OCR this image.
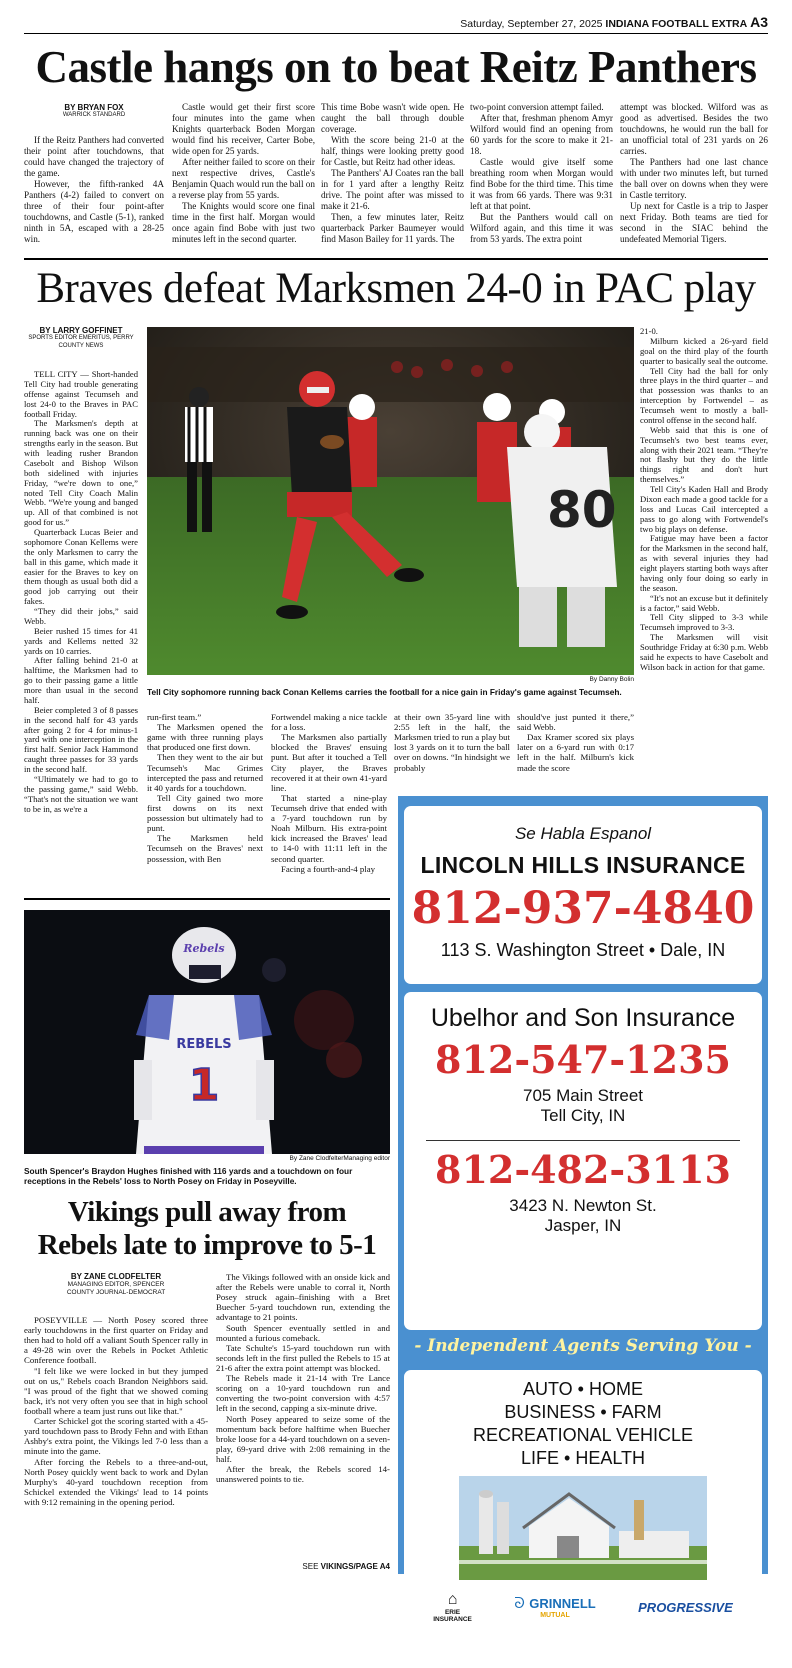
Saturday, September 27, 2025 INDIANA FOOTBALL EXTRA A3
Castle hangs on to beat Reitz Panthers
BY BRYAN FOX
WARRICK STANDARD

If the Reitz Panthers had converted their point after touchdowns, that could have changed the trajectory of the game.

However, the fifth-ranked 4A Panthers (4-2) failed to convert on three of their four point-after touchdowns, and Castle (5-1), ranked ninth in 5A, escaped with a 28-25 win.

Castle would get their first score four minutes into the game when Knights quarterback Boden Morgan would find his receiver, Carter Bobe, wide open for 25 yards.

After neither failed to score on their next respective drives, Castle's Benjamin Quach would run the ball on a reverse play from 55 yards.

The Knights would score one final time in the first half. Morgan would once again find Bobe with just two minutes left in the second quarter.

This time Bobe wasn't wide open. He caught the ball through double coverage.

With the score being 21-0 at the half, things were looking pretty good for Castle, but Reitz had other ideas.

The Panthers' AJ Coates ran the ball in for 1 yard after a lengthy Reitz drive. The point after was missed to make it 21-6.

Then, a few minutes later, Reitz quarterback Parker Baumeyer would find Mason Bailey for 11 yards. The

two-point conversion attempt failed.

After that, freshman phenom Amyr Wilford would find an opening from 60 yards for the score to make it 21-18.

Castle would give itself some breathing room when Morgan would find Bobe for the third time. This time it was from 66 yards. There was 9:31 left at that point.

But the Panthers would call on Wilford again, and this time it was from 53 yards. The extra point

attempt was blocked. Wilford was as good as advertised. Besides the two touchdowns, he would run the ball for an unofficial total of 231 yards on 26 carries.

The Panthers had one last chance with under two minutes left, but turned the ball over on downs when they were in Castle territory.

Up next for Castle is a trip to Jasper next Friday. Both teams are tied for second in the SIAC behind the undefeated Memorial Tigers.

Braves defeat Marksmen 24-0 in PAC play
BY LARRY GOFFINET
SPORTS EDITOR EMERITUS, PERRY COUNTY NEWS

TELL CITY — Short-handed Tell City had trouble generating offense against Tecumseh and lost 24-0 to the Braves in PAC football Friday.

The Marksmen's depth at running back was one on their strengths early in the season. But with leading rusher Brandon Casebolt and Bishop Wilson both sidelined with injuries Friday, “we're down to one,” noted Tell City Coach Malin Webb. “We're young and banged up. All of that combined is not good for us.”

Quarterback Lucas Beier and sophomore Conan Kellems were the only Marksmen to carry the ball in this game, which made it easier for the Braves to key on them though as usual both did a good job carrying out their fakes.

“They did their jobs,” said Webb.

Beier rushed 15 times for 41 yards and Kellems netted 32 yards on 10 carries.

After falling behind 21-0 at halftime, the Marksmen had to go to their passing game a little more than usual in the second half.

Beier completed 3 of 8 passes in the second half for 43 yards after going 2 for 4 for minus-1 yard with one interception in the first half. Senior Jack Hammond caught three passes for 33 yards in the second half.

“Ultimately we had to go to the passing game,” said Webb. “That's not the situation we want to be in, as we're a

80
By Danny Bolin
Tell City sophomore running back Conan Kellems carries the football for a nice gain in Friday's game against Tecumseh.

21-0.

Milburn kicked a 26-yard field goal on the third play of the fourth quarter to basically seal the outcome.

Tell City had the ball for only three plays in the third quarter – and that possession was thanks to an interception by Fortwendel – as Tecumseh went to mostly a ball-control offense in the second half.

Webb said that this is one of Tecumseh's two best teams ever, along with their 2021 team. “They're not flashy but they do the little things right and don't hurt themselves.”

Tell City's Kaden Hall and Brody Dixon each made a good tackle for a loss and Lucas Cail intercepted a pass to go along with Fortwendel's two big plays on defense.

Fatigue may have been a factor for the Marksmen in the second half, as with several injuries they had eight players starting both ways after having only four doing so early in the season.

“It's not an excuse but it definitely is a factor,” said Webb.

Tell City slipped to 3-3 while Tecumseh improved to 3-3.

The Marksmen will visit Southridge Friday at 6:30 p.m. Webb said he expects to have Casebolt and Wilson back in action for that game.

run-first team.”

The Marksmen opened the game with three running plays that produced one first down.

Then they went to the air but Tecumseh's Mac Grimes intercepted the pass and returned it 40 yards for a touchdown.

Tell City gained two more first downs on its next possession but ultimately had to punt.

The Marksmen held Tecumseh on the Braves' next possession, with Ben

Fortwendel making a nice tackle for a loss.

The Marksmen also partially blocked the Braves' ensuing punt. But after it touched a Tell City player, the Braves recovered it at their own 41-yard line.

That started a nine-play Tecumseh drive that ended with a 7-yard touchdown run by Noah Milburn. His extra-point kick increased the Braves' lead to 14-0 with 11:11 left in the second quarter.

Facing a fourth-and-4 play

at their own 35-yard line with 2:55 left in the half, the Marksmen tried to run a play but lost 3 yards on it to turn the ball over on downs. “In hindsight we probably

should've just punted it there,” said Webb.

Dax Kramer scored six plays later on a 6-yard run with 0:17 left in the half. Milburn's kick made the score

Rebels
REBELS
1
By Zane ClodfelterManaging editor
South Spencer's Braydon Hughes finished with 116 yards and a touchdown on four receptions in the Rebels' loss to North Posey on Friday in Poseyville.
Vikings pull away from
Rebels late to improve to 5-1
BY ZANE CLODFELTER
MANAGING EDITOR, SPENCER COUNTY JOURNAL-DEMOCRAT

POSEYVILLE — North Posey scored three early touchdowns in the first quarter on Friday and then had to hold off a valiant South Spencer rally in a 49-28 win over the Rebels in Pocket Athletic Conference football.

"I felt like we were locked in but they jumped out on us," Rebels coach Brandon Neighbors said. "I was proud of the fight that we showed coming back, it's not very often you see that in high school football where a team just runs out like that."

Carter Schickel got the scoring started with a 45-yard touchdown pass to Brody Fehn and with Ethan Ashby's extra point, the Vikings led 7-0 less than a minute into the game.

After forcing the Rebels to a three-and-out, North Posey quickly went back to work and Dylan Murphy's 40-yard touchdown reception from Schickel extended the Vikings' lead to 14 points with 9:12 remaining in the opening period.

The Vikings followed with an onside kick and after the Rebels were unable to corral it, North Posey struck again–finishing with a Bret Buecher 5-yard touchdown run, extending the advantage to 21 points.

South Spencer eventually settled in and mounted a furious comeback.

Tate Schulte's 15-yard touchdown run with seconds left in the first pulled the Rebels to 15 at 21-6 after the extra point attempt was blocked.

The Rebels made it 21-14 with Tre Lance scoring on a 10-yard touchdown run and converting the two-point conversion with 4:57 left in the second, capping a six-minute drive.

North Posey appeared to seize some of the momentum back before halftime when Buecher broke loose for a 44-yard touchdown on a seven-play, 69-yard drive with 2:08 remaining in the half.

After the break, the Rebels scored 14-unanswered points to tie.

SEE VIKINGS/PAGE A4
Se Habla Espanol
LINCOLN HILLS INSURANCE
812-937-4840
113 S. Washington Street • Dale, IN
Ubelhor and Son Insurance
812-547-1235
705 Main Street
Tell City, IN
812-482-3113
3423 N. Newton St.
Jasper, IN
- Independent Agents Serving You -
AUTO • HOME
BUSINESS • FARM
RECREATIONAL VEHICLE
LIFE • HEALTH
⌂
ERIE
INSURANCE
ᘐ GRINNELL
MUTUAL
PROGRESSIVE
